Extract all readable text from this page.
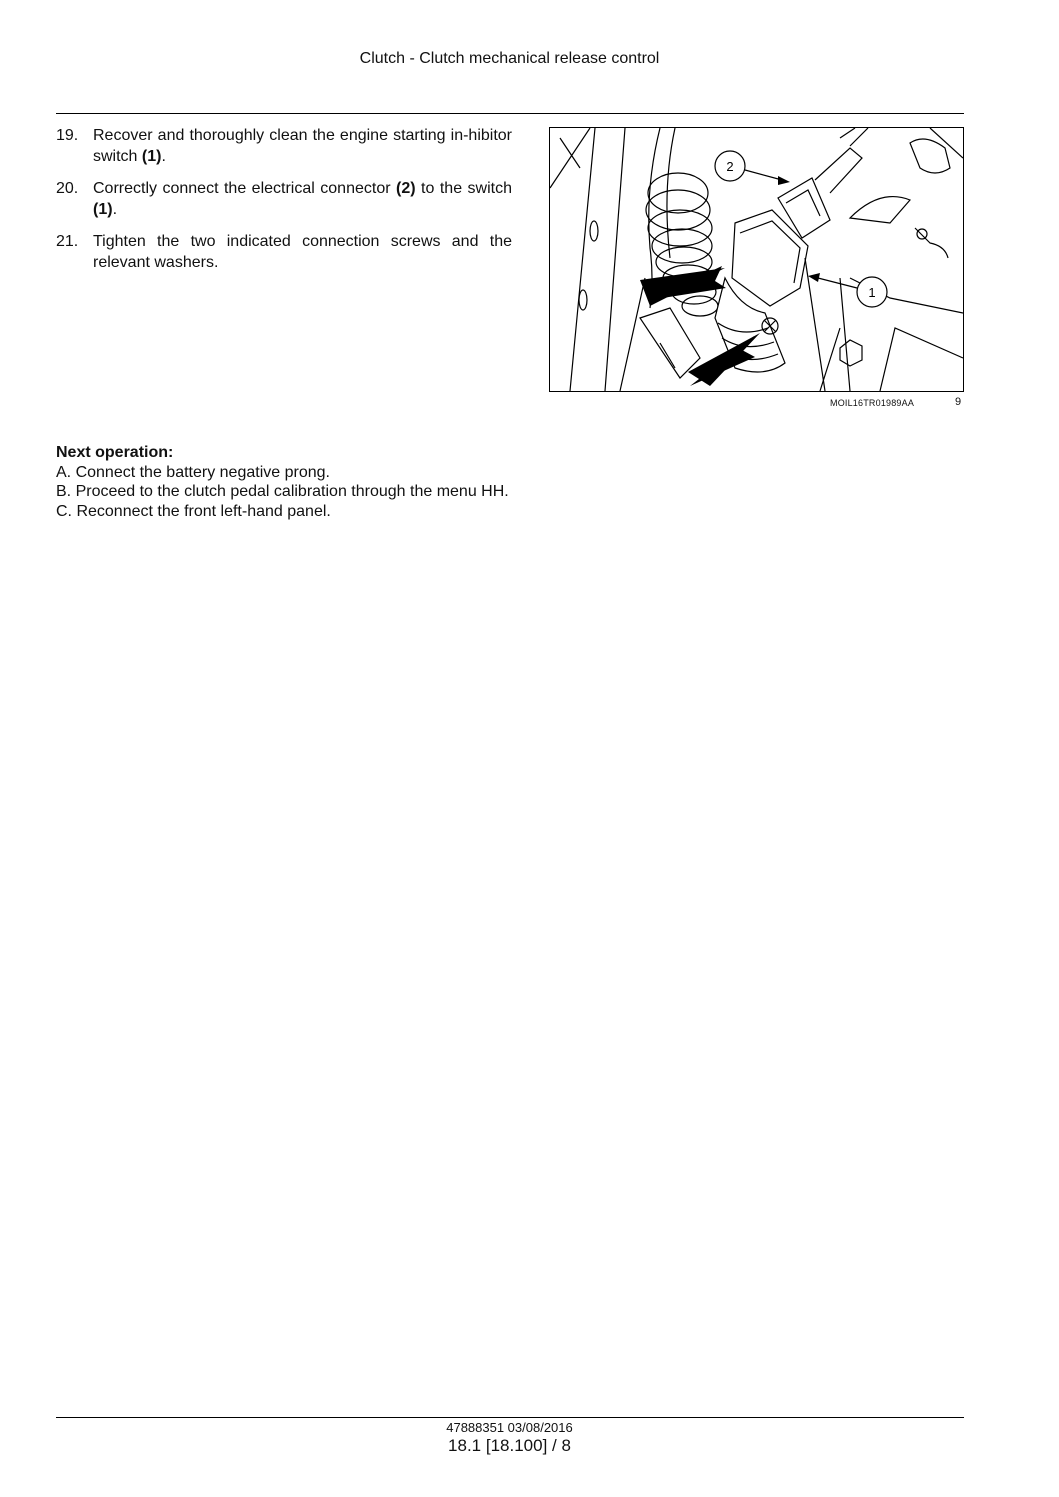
Clutch - Clutch mechanical release control
19. Recover and thoroughly clean the engine starting in-hibitor switch (1).
20. Correctly connect the electrical connector (2) to the switch (1).
21. Tighten the two indicated connection screws and the relevant washers.
2
1
MOIL16TR01989AA	9
Next operation:
A. Connect the battery negative prong.
B. Proceed to the clutch pedal calibration through the menu HH.
C. Reconnect the front left-hand panel.
47888351 03/08/2016
18.1 [18.100] / 8
